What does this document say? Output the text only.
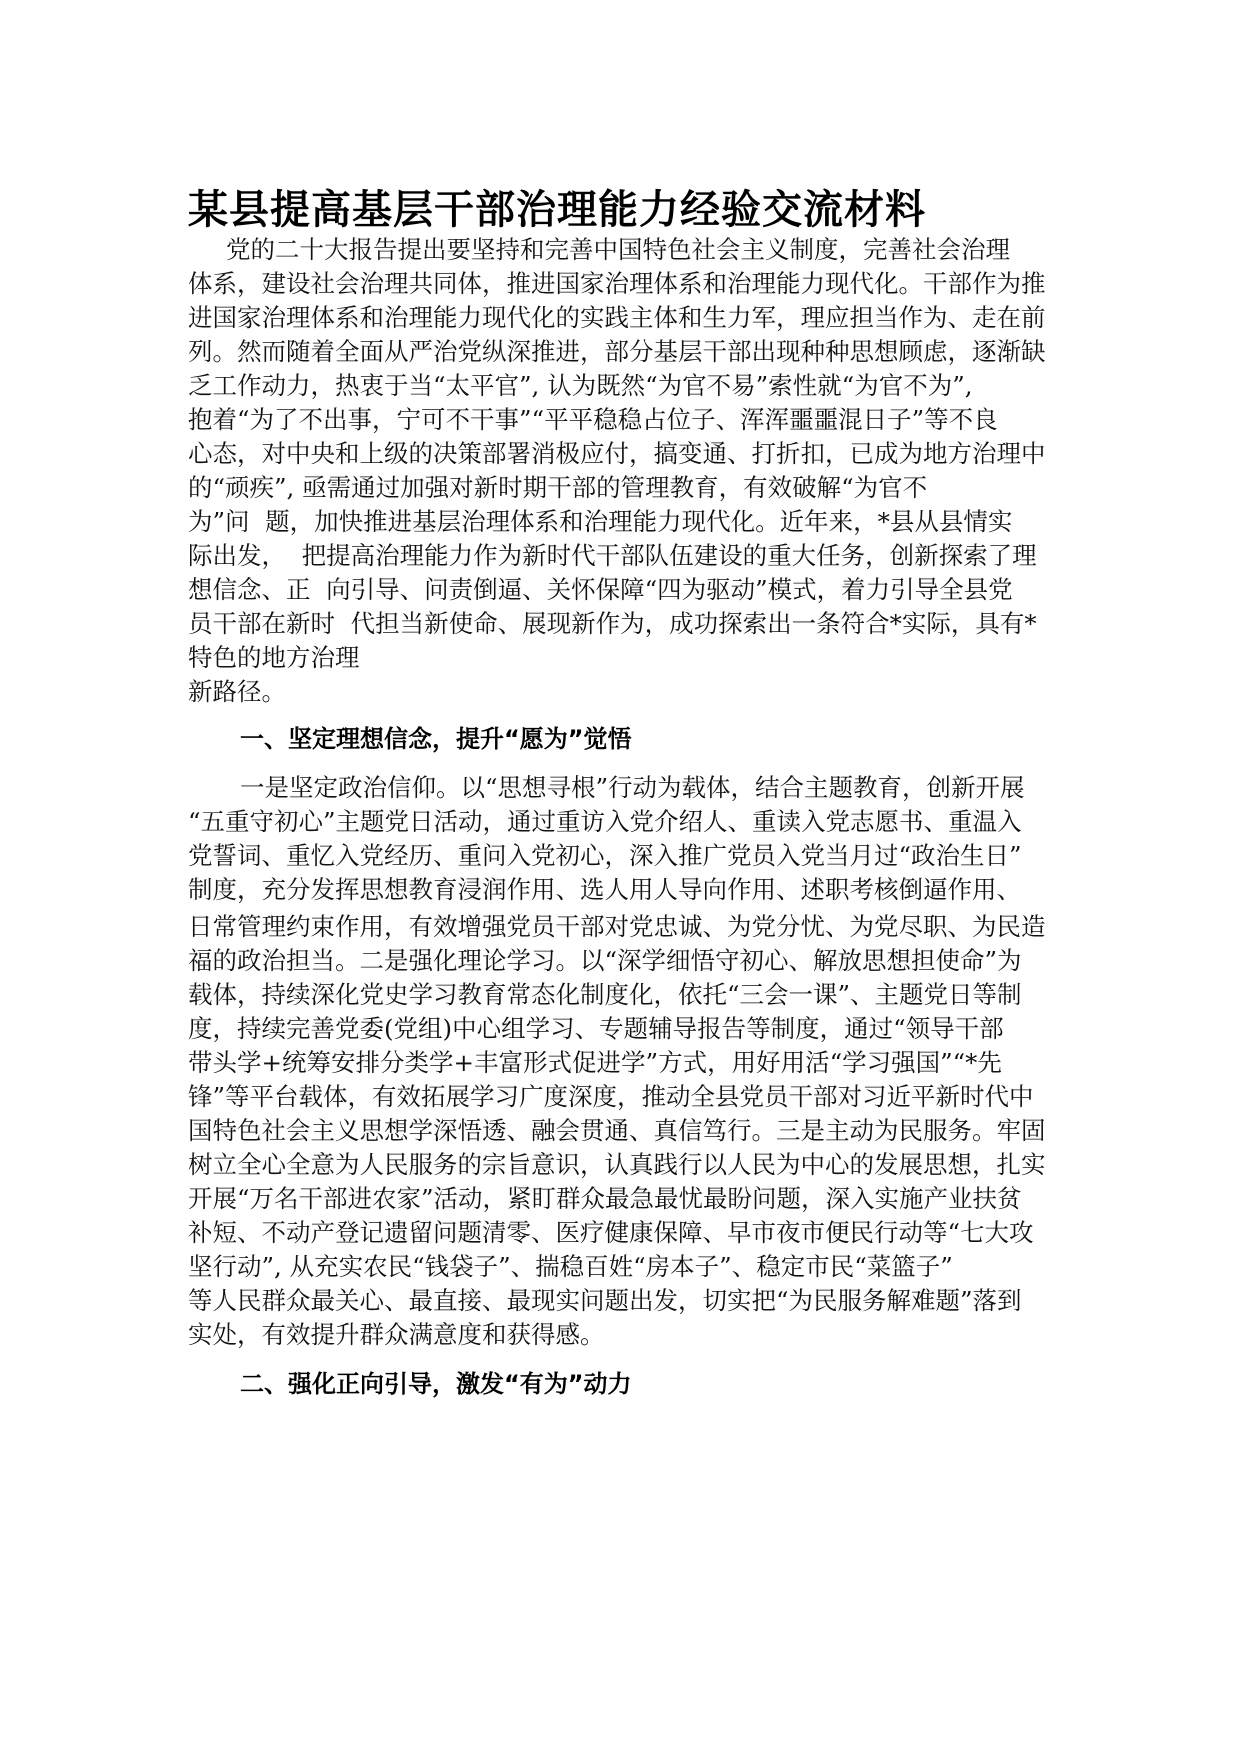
某县提高基层干部治理能力经验交流材料

党的二十大报告提出要坚持和完善中国特色社会主义制度，完善社会治理

体系，建设社会治理共同体，推进国家治理体系和治理能力现代化。干部作为推

进国家治理体系和治理能力现代化的实践主体和生力军，理应担当作为、走在前

列。然而随着全面从严治党纵深推进，部分基层干部出现种种思想顾虑，逐渐缺

乏工作动力，热衷于当“太平官”, 认为既然“为官不易”索性就“为官不为”,

抱着“为了不出事，宁可不干事”“平平稳稳占位子、浑浑噩噩混日子”等不良

心态，对中央和上级的决策部署消极应付，搞变通、打折扣，已成为地方治理中

的“顽疾”, 亟需通过加强对新时期干部的管理教育，有效破解“为官不

为”问  题，加快推进基层治理体系和治理能力现代化。近年来，*县从县情实

际出发，  把提高治理能力作为新时代干部队伍建设的重大任务，创新探索了理

想信念、正  向引导、问责倒逼、关怀保障“四为驱动”模式，着力引导全县党

员干部在新时  代担当新使命、展现新作为，成功探索出一条符合*实际，具有*

特色的地方治理

新路径。

一、坚定理想信念，提升“愿为”觉悟

一是坚定政治信仰。以“思想寻根”行动为载体，结合主题教育，创新开展

“五重守初心”主题党日活动，通过重访入党介绍人、重读入党志愿书、重温入

党誓词、重忆入党经历、重问入党初心，深入推广党员入党当月过“政治生日”

制度，充分发挥思想教育浸润作用、选人用人导向作用、述职考核倒逼作用、

日常管理约束作用，有效增强党员干部对党忠诚、为党分忧、为党尽职、为民造

福的政治担当。二是强化理论学习。以“深学细悟守初心、解放思想担使命”为

载体，持续深化党史学习教育常态化制度化，依托“三会一课”、主题党日等制

度，持续完善党委(党组)中心组学习、专题辅导报告等制度，通过“领导干部

带头学+统筹安排分类学+丰富形式促进学”方式，用好用活“学习强国”“*先

锋”等平台载体，有效拓展学习广度深度，推动全县党员干部对习近平新时代中

国特色社会主义思想学深悟透、融会贯通、真信笃行。三是主动为民服务。牢固

树立全心全意为人民服务的宗旨意识，认真践行以人民为中心的发展思想，扎实

开展“万名干部进农家”活动，紧盯群众最急最忧最盼问题，深入实施产业扶贫

补短、不动产登记遗留问题清零、医疗健康保障、早市夜市便民行动等“七大攻

坚行动”, 从充实农民“钱袋子”、揣稳百姓“房本子”、稳定市民“菜篮子”

等人民群众最关心、最直接、最现实问题出发，切实把“为民服务解难题”落到

实处，有效提升群众满意度和获得感。

二、强化正向引导，激发“有为”动力
